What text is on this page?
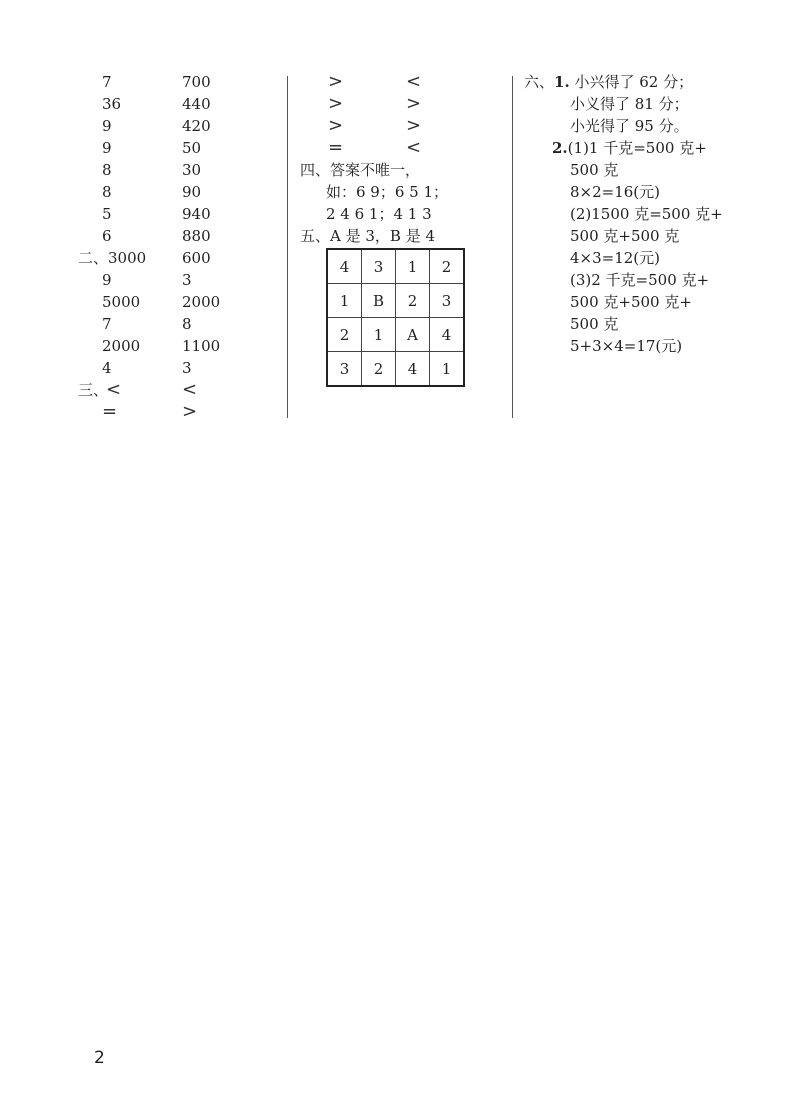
7	700
36	440
9	420
9	50
8	30
8	90
5	940
6	880
二、 3000 600
9	3
5000	2000
7	8
2000	1100
4	3
三、
<	<
=	>
>	<
>	>
>	>
=	<
四、答案不唯一，
如：6 9；6 5 1；
2 4 6 1；4 1 3
五、A 是 3，B 是 4
4	3	1	2
1	B	2	3
2	1	A	4
3	2	4	1
六、1. 小兴得了 62 分；
小义得了 81 分；
小光得了 95 分。
2.(1)1 千克=500 克+
500 克
8×2=16(元)
(2)1500 克=500 克+
500 克+500 克
4×3=12(元)
(3)2 千克=500 克+
500 克+500 克+
500 克
5+3×4=17(元)
2
